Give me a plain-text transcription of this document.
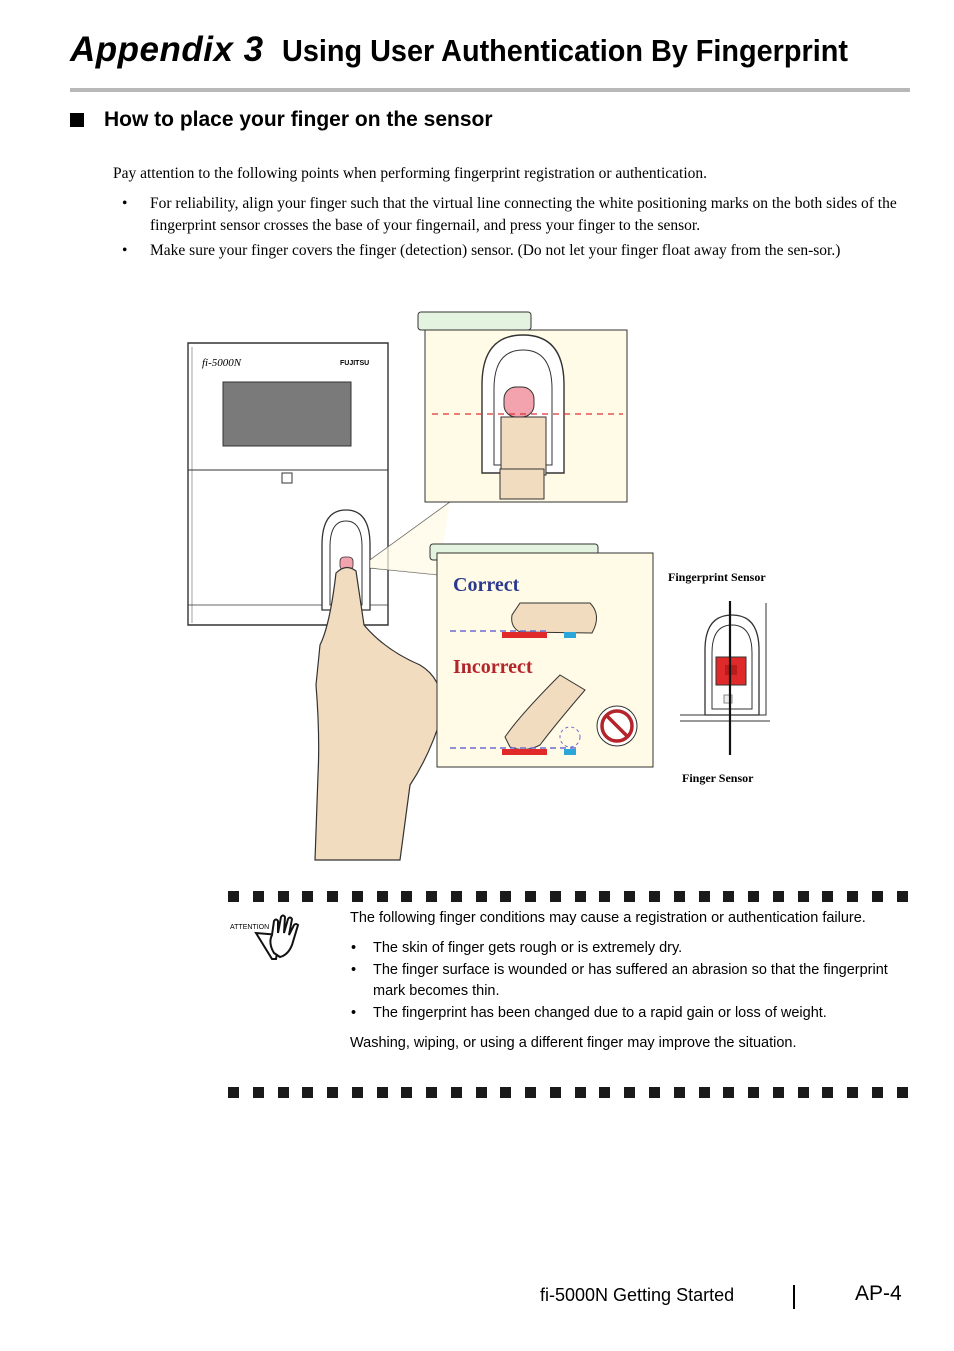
Appendix 3 Using User Authentication By Fingerprint
How to place your finger on the sensor

Pay attention to the following points when performing fingerprint registration or authentication.

• For reliability, align your finger such that the virtual line connecting the white positioning marks on the both sides of the fingerprint sensor crosses the base of your fingernail, and press your finger to the sensor.
• Make sure your finger covers the finger (detection) sensor. (Do not let your finger float away from the sen-sor.)
fi-5000N	FUJITSU
Correct
Incorrect
Fingerprint Sensor
Finger Sensor
ATTENTION

The following finger conditions may cause a registration or authentication failure.

• The skin of finger gets rough or is extremely dry.
• The finger surface is wounded or has suffered an abrasion so that the fingerprint mark becomes thin.
• The fingerprint has been changed due to a rapid gain or loss of weight.

Washing, wiping, or using a different finger may improve the situation.

fi-5000N Getting Started	AP-4
